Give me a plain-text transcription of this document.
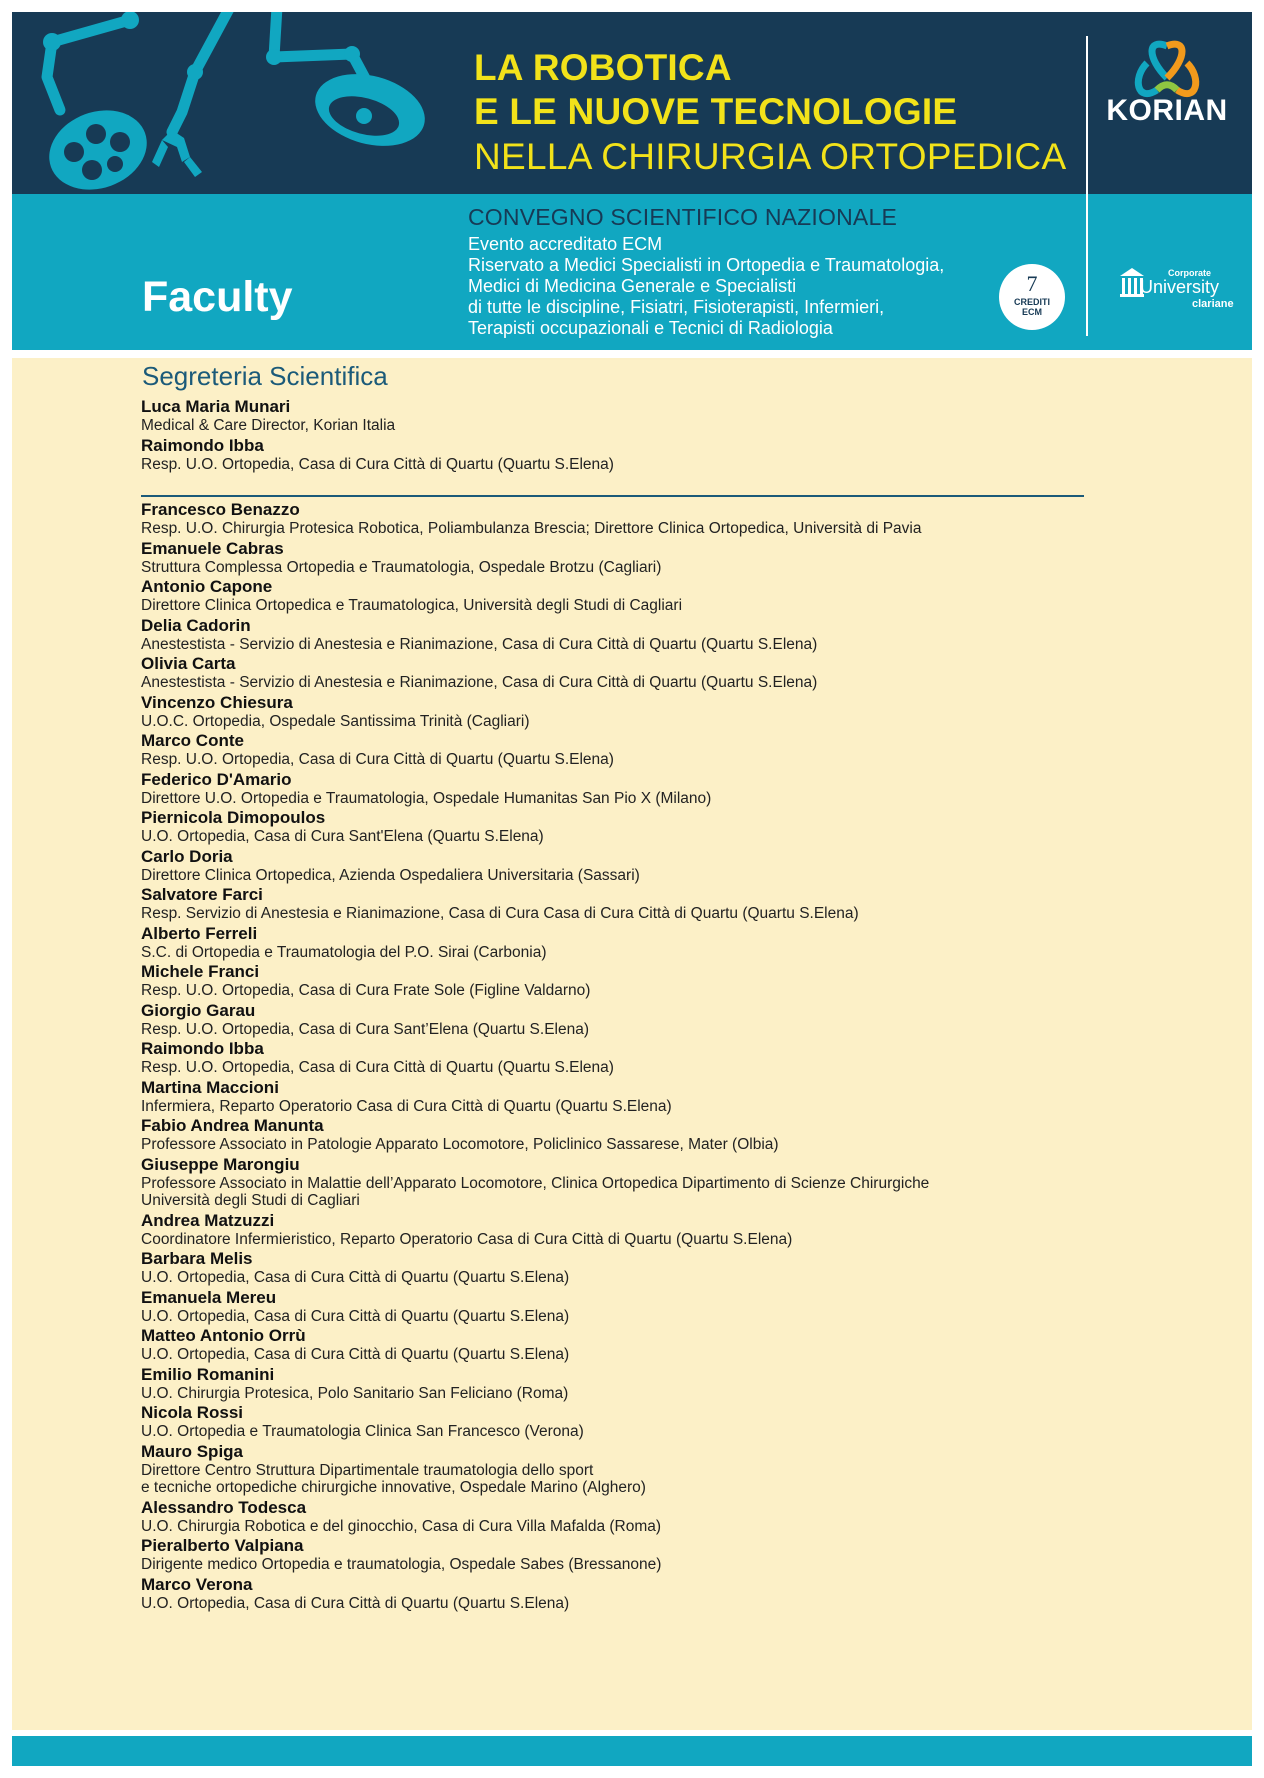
LA ROBOTICA
E LE NUOVE TECNOLOGIE
NELLA CHIRURGIA ORTOPEDICA
KORIAN
Faculty
CONVEGNO SCIENTIFICO NAZIONALE
Evento accreditato ECM
Riservato a Medici Specialisti in Ortopedia e Traumatologia,
Medici di Medicina Generale e Specialisti
di tutte le discipline, Fisiatri, Fisioterapisti, Infermieri,
Terapisti occupazionali e Tecnici di Radiologia
7
CREDITI
ECM
Corporate
University
clariane
Segreteria Scientifica
Luca Maria Munari
Medical & Care Director, Korian Italia
Raimondo Ibba
Resp. U.O. Ortopedia, Casa di Cura Città di Quartu (Quartu S.Elena)
Francesco Benazzo
Resp. U.O. Chirurgia Protesica Robotica, Poliambulanza Brescia; Direttore Clinica Ortopedica, Università di Pavia
Emanuele Cabras
Struttura Complessa Ortopedia e Traumatologia, Ospedale Brotzu (Cagliari)
Antonio Capone
Direttore Clinica Ortopedica e Traumatologica, Università degli Studi di Cagliari
Delia Cadorin
Anestestista - Servizio di Anestesia e Rianimazione, Casa di Cura Città di Quartu (Quartu S.Elena)
Olivia Carta
Anestestista - Servizio di Anestesia e Rianimazione, Casa di Cura Città di Quartu (Quartu S.Elena)
Vincenzo Chiesura
U.O.C. Ortopedia, Ospedale Santissima Trinità (Cagliari)
Marco Conte
Resp. U.O. Ortopedia, Casa di Cura Città di Quartu (Quartu S.Elena)
Federico D'Amario
Direttore U.O. Ortopedia e Traumatologia, Ospedale Humanitas San Pio X (Milano)
Piernicola Dimopoulos
U.O. Ortopedia, Casa di Cura Sant'Elena (Quartu S.Elena)
Carlo Doria
Direttore Clinica Ortopedica, Azienda Ospedaliera Universitaria (Sassari)
Salvatore Farci
Resp. Servizio di Anestesia e Rianimazione, Casa di Cura Casa di Cura Città di Quartu (Quartu S.Elena)
Alberto Ferreli
S.C. di Ortopedia e Traumatologia del P.O. Sirai (Carbonia)
Michele Franci
Resp. U.O. Ortopedia, Casa di Cura Frate Sole (Figline Valdarno)
Giorgio Garau
Resp. U.O. Ortopedia, Casa di Cura Sant’Elena (Quartu S.Elena)
Raimondo Ibba
Resp. U.O. Ortopedia, Casa di Cura Città di Quartu (Quartu S.Elena)
Martina Maccioni
Infermiera, Reparto Operatorio Casa di Cura Città di Quartu (Quartu S.Elena)
Fabio Andrea Manunta
Professore Associato in Patologie Apparato Locomotore, Policlinico Sassarese, Mater (Olbia)
Giuseppe Marongiu
Professore Associato in Malattie dell’Apparato Locomotore, Clinica Ortopedica Dipartimento di Scienze Chirurgiche
Università degli Studi di Cagliari
Andrea Matzuzzi
Coordinatore Infermieristico, Reparto Operatorio Casa di Cura Città di Quartu (Quartu S.Elena)
Barbara Melis
U.O. Ortopedia, Casa di Cura Città di Quartu (Quartu S.Elena)
Emanuela Mereu
U.O. Ortopedia, Casa di Cura Città di Quartu (Quartu S.Elena)
Matteo Antonio Orrù
U.O. Ortopedia, Casa di Cura Città di Quartu (Quartu S.Elena)
Emilio Romanini
U.O. Chirurgia Protesica, Polo Sanitario San Feliciano (Roma)
Nicola Rossi
U.O. Ortopedia e Traumatologia Clinica San Francesco (Verona)
Mauro Spiga
Direttore Centro Struttura Dipartimentale traumatologia dello sport
e tecniche ortopediche chirurgiche innovative, Ospedale Marino (Alghero)
Alessandro Todesca
U.O. Chirurgia Robotica e del ginocchio, Casa di Cura Villa Mafalda (Roma)
Pieralberto Valpiana
Dirigente medico Ortopedia e traumatologia, Ospedale Sabes (Bressanone)
Marco Verona
U.O. Ortopedia, Casa di Cura Città di Quartu (Quartu S.Elena)
